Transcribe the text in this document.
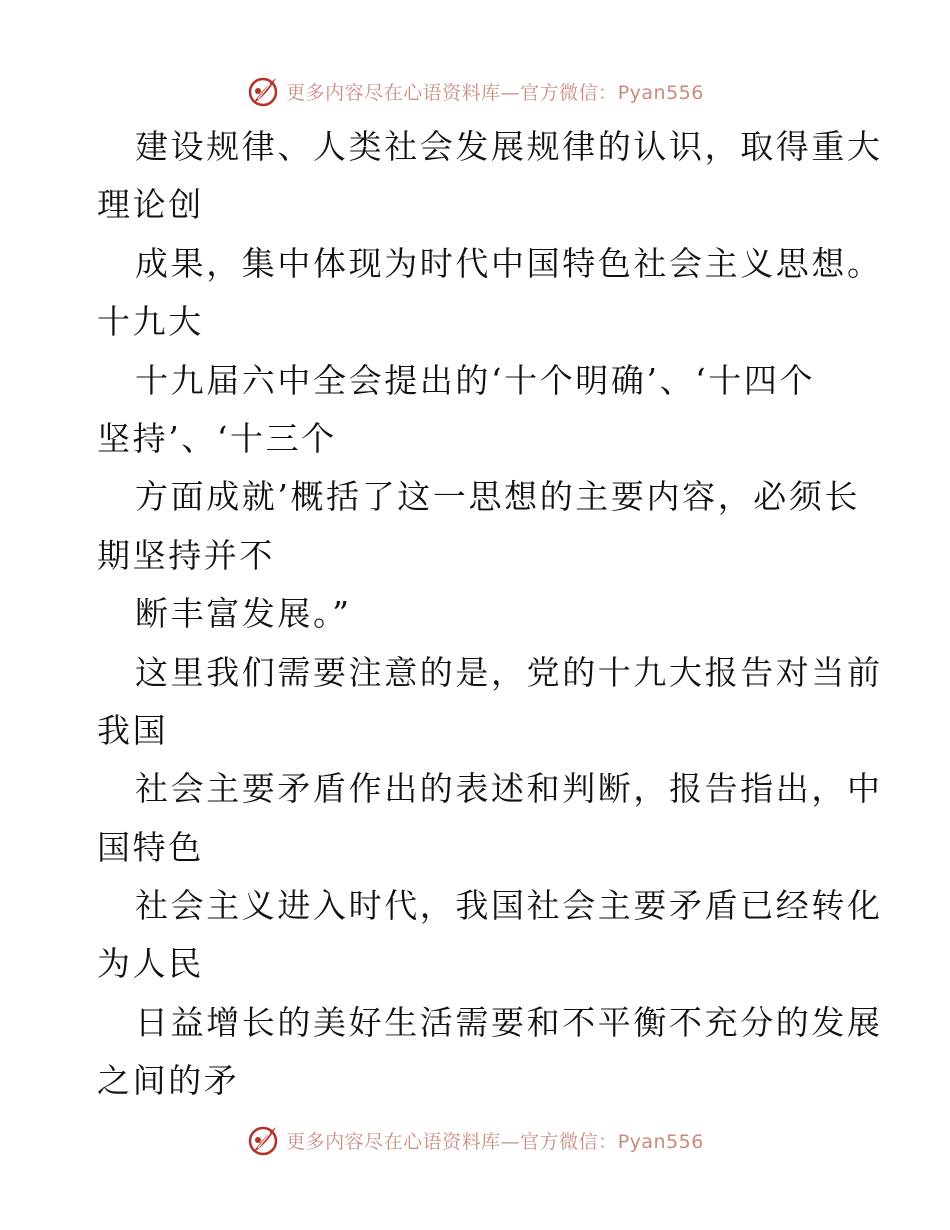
更多内容尽在心语资料库—官方微信：Pyan556
建设规律、人类社会发展规律的认识，取得重大
理论创
成果，集中体现为时代中国特色社会主义思想。
十九大
十九届六中全会提出的‘十个明确’、‘十四个
坚持’、‘十三个
方面成就’概括了这一思想的主要内容，必须长
期坚持并不
断丰富发展。”
这里我们需要注意的是，党的十九大报告对当前
我国
社会主要矛盾作出的表述和判断，报告指出，中
国特色
社会主义进入时代，我国社会主要矛盾已经转化
为人民
日益增长的美好生活需要和不平衡不充分的发展
之间的矛
更多内容尽在心语资料库—官方微信：Pyan556
